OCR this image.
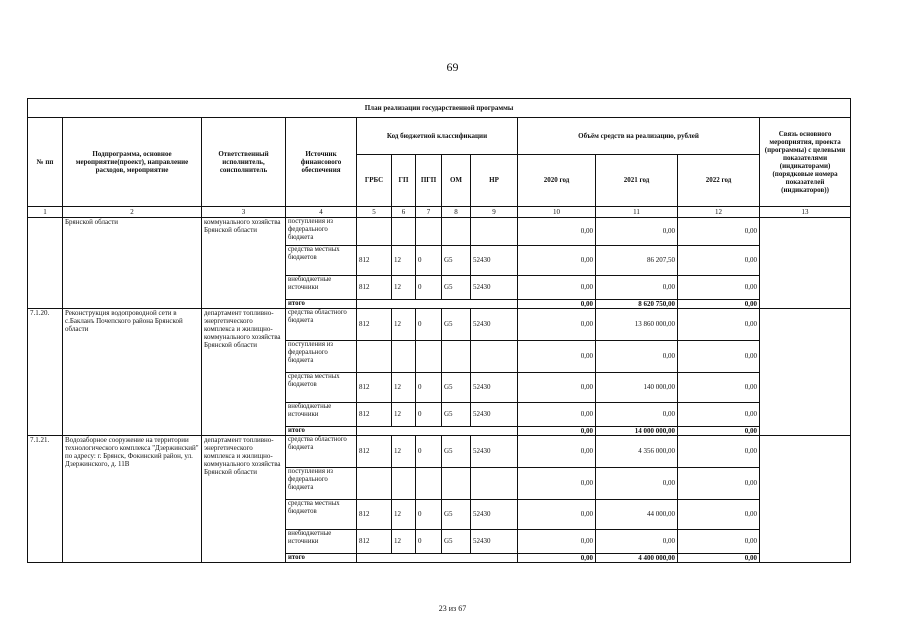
69
План реализации государственной программы												
№ пп	Подпрограмма, основное мероприятие(проект), направление расходов, мероприятие	Ответственный исполнитель, соисполнитель	Источник финансового обеспечения	Код бюджетной классификации					Объём средств на реализацию, рублей			Связь основного мероприятия, проекта (программы) с целевыми показателями (индикаторами) (порядковые номера показателей (индикаторов))
				ГРБС	ГП	ПГП	ОМ	НР	2020 год	2021 год	2022 год	
1	2	3	4	5	6	7	8	9	10	11	12	13
	Брянской области	коммунального хозяйства Брянской области	поступления из федерального бюджета						0,00	0,00	0,00	
			средства местных бюджетов	812	12	0	G5	52430	0,00	86 207,50	0,00	
			внебюджетные источники	812	12	0	G5	52430	0,00	0,00	0,00	
			итого						0,00	8 620 750,00	0,00	
7.1.20.	Реконструкция водопроводной сети в с.Бакланъ Почепского района Брянской области	департамент топливно-энергетического комплекса и жилищно-коммунального хозяйства Брянской области	средства областного бюджета	812	12	0	G5	52430	0,00	13 860 000,00	0,00	
			поступления из федерального бюджета						0,00	0,00	0,00	
			средства местных бюджетов	812	12	0	G5	52430	0,00	140 000,00	0,00	
			внебюджетные источники	812	12	0	G5	52430	0,00	0,00	0,00	
			итого						0,00	14 000 000,00	0,00	
7.1.21.	Водозаборное сооружение на территории технологического комплекса "Дзержинский" по адресу: г. Брянск, Фокинский район, ул. Дзержинского, д. 11В	департамент топливно-энергетического комплекса и жилищно-коммунального хозяйства Брянской области	средства областного бюджета	812	12	0	G5	52430	0,00	4 356 000,00	0,00	
			поступления из федерального бюджета						0,00	0,00	0,00	
			средства местных бюджетов	812	12	0	G5	52430	0,00	44 000,00	0,00	
			внебюджетные источники	812	12	0	G5	52430	0,00	0,00	0,00	
			итого						0,00	4 400 000,00	0,00	
23 из 67
